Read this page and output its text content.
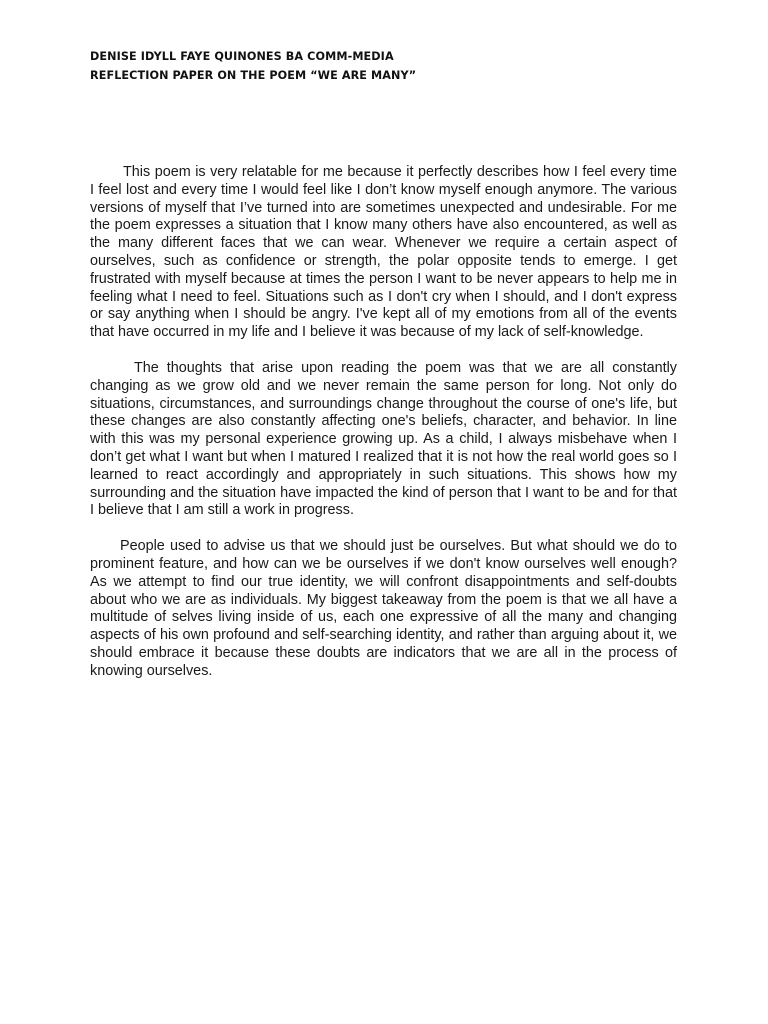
DENISE IDYLL FAYE QUINONES BA COMM-MEDIA
REFLECTION PAPER ON THE POEM “WE ARE MANY”

This poem is very relatable for me because it perfectly describes how I feel every time I feel lost and every time I would feel like I don’t know myself enough anymore. The various versions of myself that I’ve turned into are sometimes unexpected and undesirable. For me the poem expresses a situation that I know many others have also encountered, as well as the many different faces that we can wear. Whenever we require a certain aspect of ourselves, such as confidence or strength, the polar opposite tends to emerge. I get frustrated with myself because at times the person I want to be never appears to help me in feeling what I need to feel. Situations such as I don't cry when I should, and I don't express or say anything when I should be angry. I've kept all of my emotions from all of the events that have occurred in my life and I believe it was because of my lack of self-knowledge.

The thoughts that arise upon reading the poem was that we are all constantly changing as we grow old and we never remain the same person for long. Not only do situations, circumstances, and surroundings change throughout the course of one's life, but these changes are also constantly affecting one's beliefs, character, and behavior. In line with this was my personal experience growing up. As a child, I always misbehave when I don’t get what I want but when I matured I realized that it is not how the real world goes so I learned to react accordingly and appropriately in such situations. This shows how my surrounding and the situation have impacted the kind of person that I want to be and for that I believe that I am still a work in progress.

People used to advise us that we should just be ourselves. But what should we do to prominent feature, and how can we be ourselves if we don't know ourselves well enough? As we attempt to find our true identity, we will confront disappointments and self-doubts about who we are as individuals. My biggest takeaway from the poem is that we all have a multitude of selves living inside of us, each one expressive of all the many and changing aspects of his own profound and self-searching identity, and rather than arguing about it, we should embrace it because these doubts are indicators that we are all in the process of knowing ourselves.
